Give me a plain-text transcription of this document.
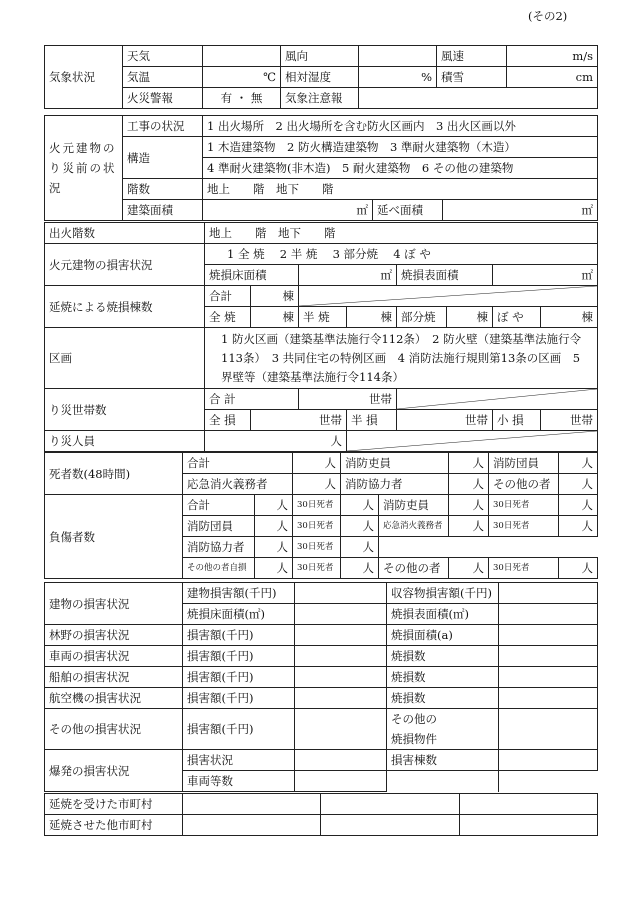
(その2)
気象状況	天気		風向		風速	m/s
	気温	℃	相対湿度	%	積雪	cm
	火災警報	有 ・ 無	気象注意報			
火元建物のり災前の状況	工事の状況	1 出火場所　2 出火場所を含む防火区画内　3 出火区画以外		
	構造	1 木造建築物　2 防火構造建築物　3 準耐火建築物（木造）		
		4 準耐火建築物(非木造)　5 耐火建築物　6 その他の建築物		
	階数	地上　　階　地下　　階		
	建築面積	㎡	延べ面積	㎡
出火階数	地上　　階　地下　　階							
火元建物の損害状況	1 全 焼　 2 半 焼　 3 部分焼　 4 ぼ や							
	焼損床面積		㎡		焼損表面積		㎡	
延焼による焼損棟数	合計	棟	

	全 焼	棟	半 焼	棟	部分焼	棟	ぼ や	棟
区画	1 防火区画（建築基準法施行令112条）　2 防火壁（建築基準法施行令113条）　3 共同住宅の特例区画　4 消防法施行規則第13条の区画　5 界壁等（建築基準法施行令114条）							
り災世帯数	合 計		世帯	

	全 損	世帯		半 損	世帯		小 損	世帯
り災人員	人	
死者数(48時間)	合計	人	消防吏員	人	消防団員	人
	応急消火義務者	人	消防協力者	人	その他の者	人
負傷者数	合計	人	30日死者	人	消防吏員	人	30日死者	人
	消防団員	人	30日死者	人	応急消火義務者	人	30日死者	人
	消防協力者	人	30日死者	人				
	その他の者自損	人	30日死者	人	その他の者	人	30日死者	人
建物の損害状況	建物損害額(千円)		収容物損害額(千円)	
	焼損床面積(㎡)		焼損表面積(㎡)	
林野の損害状況	損害額(千円)		焼損面積(a)	
車両の損害状況	損害額(千円)		焼損数	
船舶の損害状況	損害額(千円)		焼損数	
航空機の損害状況	損害額(千円)		焼損数	
その他の損害状況	損害額(千円)		その他の
焼損物件	
爆発の損害状況	損害状況		損害棟数	
	車両等数			
延焼を受けた市町村			
延焼させた他市町村			
